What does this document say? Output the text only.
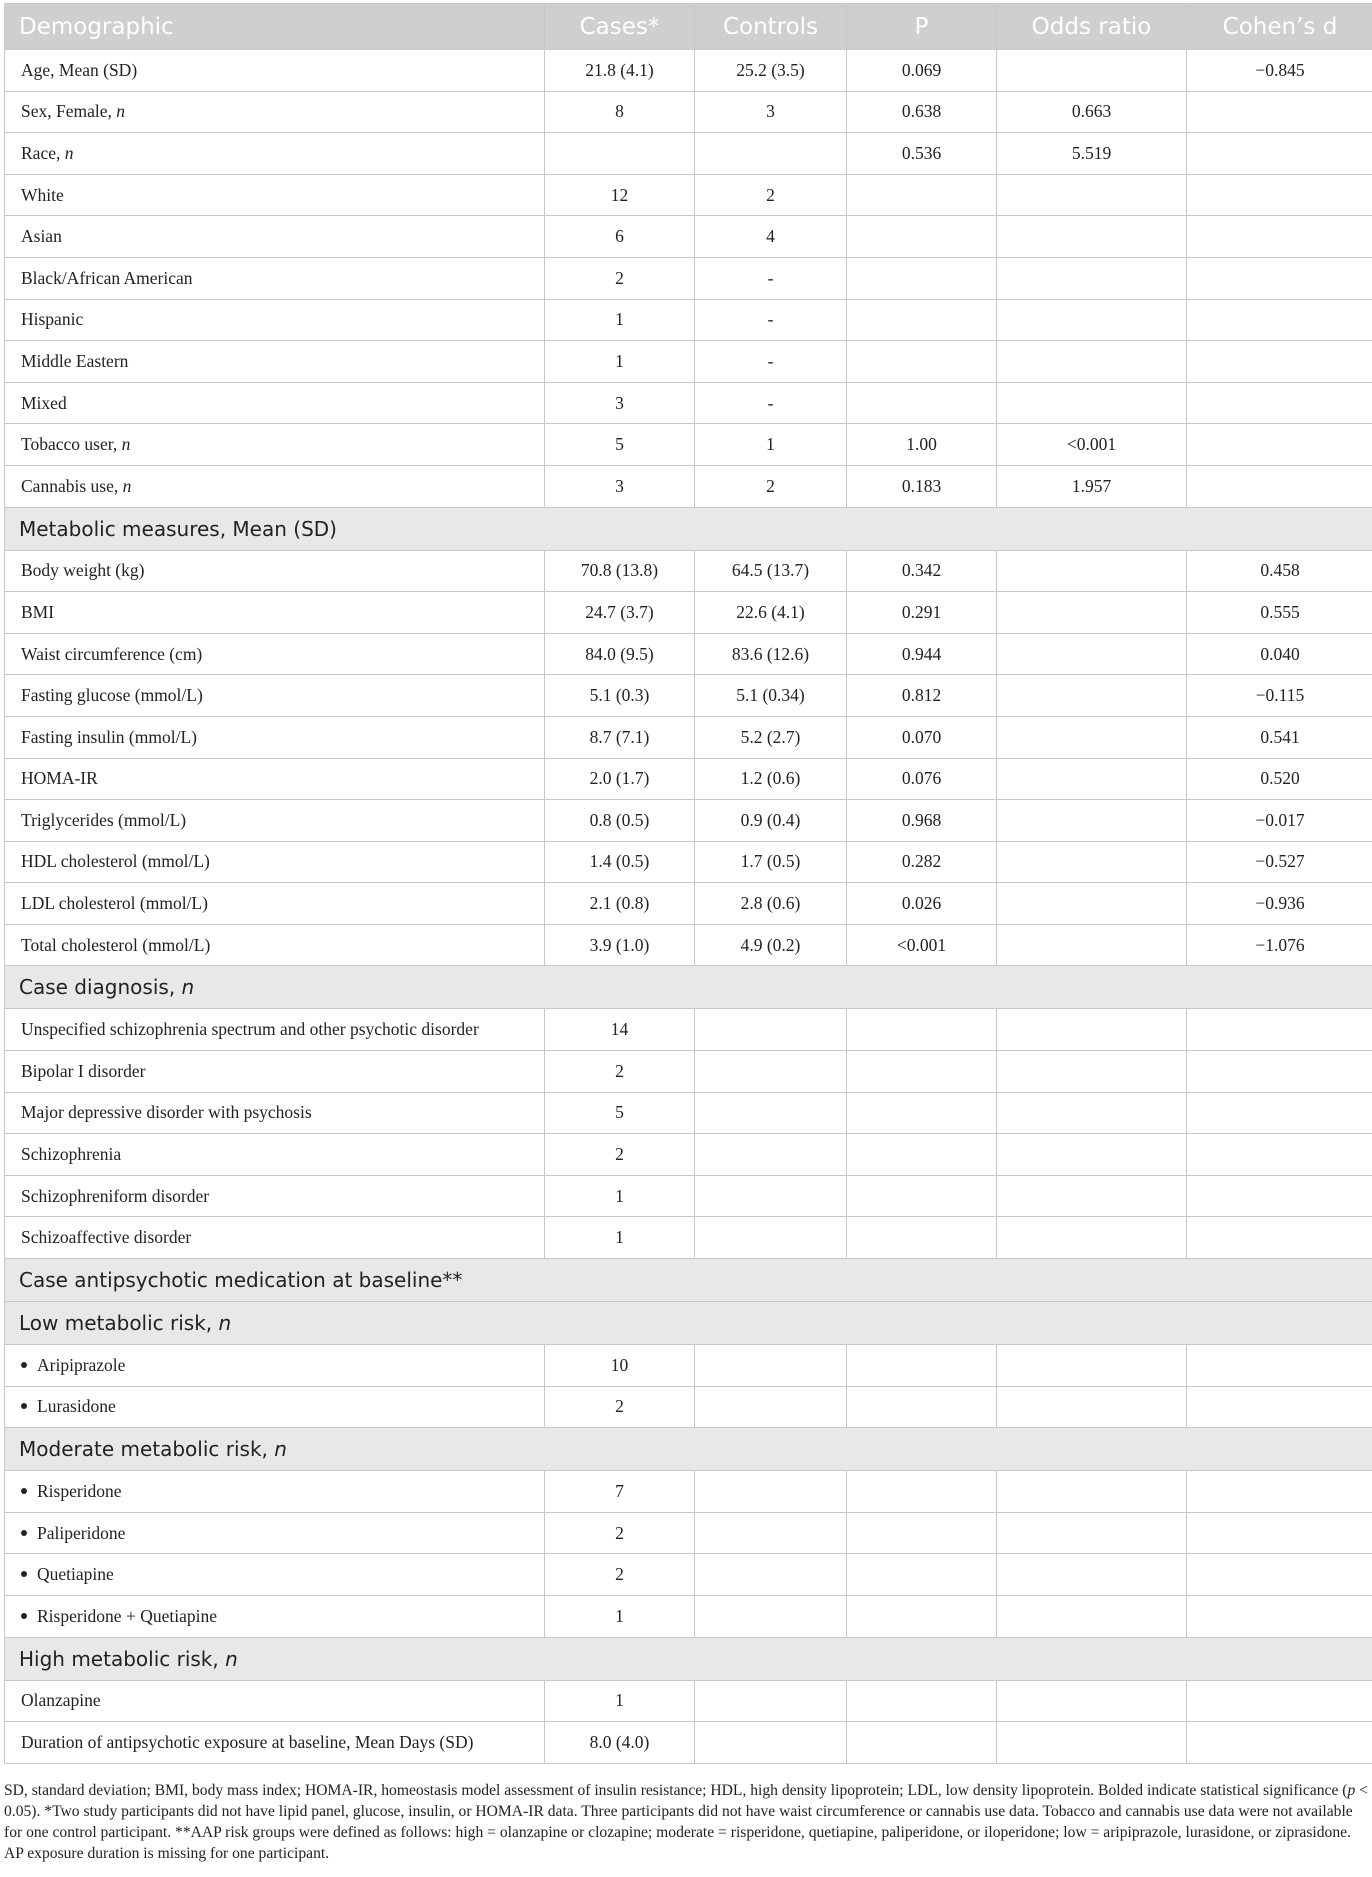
Demographic	Cases*	Controls	P	Odds ratio	Cohen’s d
Age, Mean (SD)	21.8 (4.1)	25.2 (3.5)	0.069		−0.845
Sex, Female, n	8	3	0.638	0.663	
Race, n			0.536	5.519	
White	12	2			
Asian	6	4			
Black/African American	2	-			
Hispanic	1	-			
Middle Eastern	1	-			
Mixed	3	-			
Tobacco user, n	5	1	1.00	<0.001	
Cannabis use, n	3	2	0.183	1.957	
Metabolic measures, Mean (SD)					
Body weight (kg)	70.8 (13.8)	64.5 (13.7)	0.342		0.458
BMI	24.7 (3.7)	22.6 (4.1)	0.291		0.555
Waist circumference (cm)	84.0 (9.5)	83.6 (12.6)	0.944		0.040
Fasting glucose (mmol/L)	5.1 (0.3)	5.1 (0.34)	0.812		−0.115
Fasting insulin (mmol/L)	8.7 (7.1)	5.2 (2.7)	0.070		0.541
HOMA-IR	2.0 (1.7)	1.2 (0.6)	0.076		0.520
Triglycerides (mmol/L)	0.8 (0.5)	0.9 (0.4)	0.968		−0.017
HDL cholesterol (mmol/L)	1.4 (0.5)	1.7 (0.5)	0.282		−0.527
LDL cholesterol (mmol/L)	2.1 (0.8)	2.8 (0.6)	0.026		−0.936
Total cholesterol (mmol/L)	3.9 (1.0)	4.9 (0.2)	<0.001		−1.076
Case diagnosis, n					
Unspecified schizophrenia spectrum and other psychotic disorder	14				
Bipolar I disorder	2				
Major depressive disorder with psychosis	5				
Schizophrenia	2				
Schizophreniform disorder	1				
Schizoaffective disorder	1				
Case antipsychotic medication at baseline**					
Low metabolic risk, n					
Aripiprazole	10				
Lurasidone	2				
Moderate metabolic risk, n					
Risperidone	7				
Paliperidone	2				
Quetiapine	2				
Risperidone + Quetiapine	1				
High metabolic risk, n					
Olanzapine	1				
Duration of antipsychotic exposure at baseline, Mean Days (SD)	8.0 (4.0)				

SD, standard deviation; BMI, body mass index; HOMA-IR, homeostasis model assessment of insulin resistance; HDL, high density lipoprotein; LDL, low density lipoprotein. Bolded indicate statistical significance (p < 0.05). *Two study participants did not have lipid panel, glucose, insulin, or HOMA-IR data. Three participants did not have waist circumference or cannabis use data. Tobacco and cannabis use data were not available for one control participant. **AAP risk groups were defined as follows: high = olanzapine or clozapine; moderate = risperidone, quetiapine, paliperidone, or iloperidone; low = aripiprazole, lurasidone, or ziprasidone. AP exposure duration is missing for one participant.
